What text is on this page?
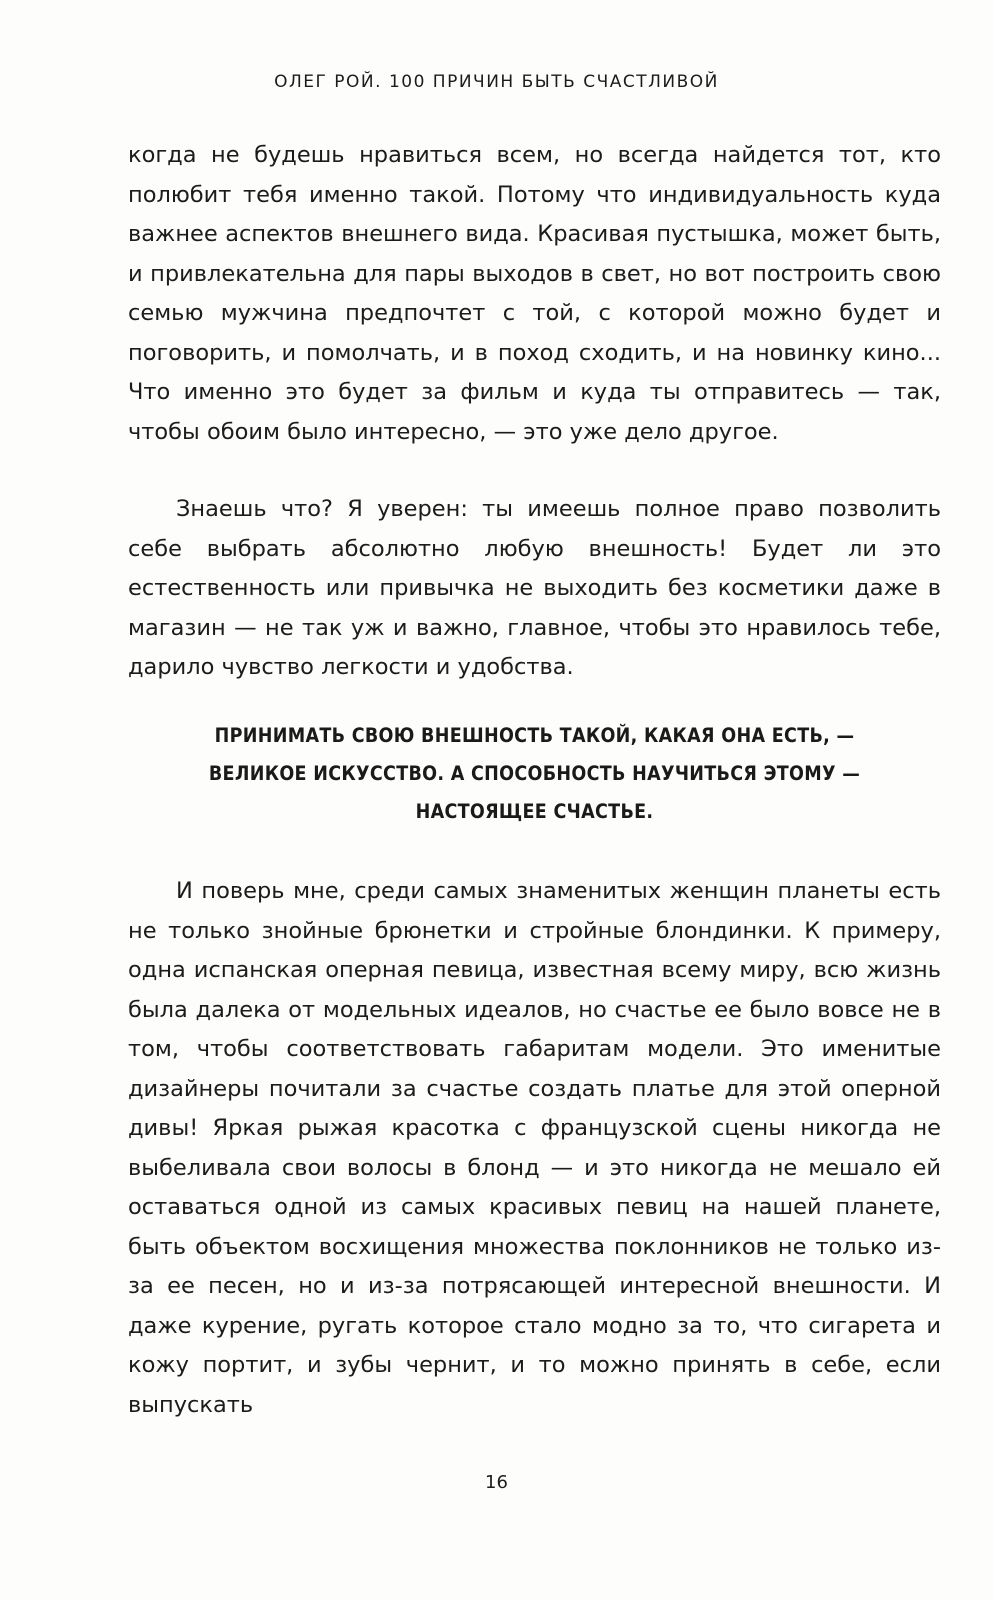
ОЛЕГ РОЙ. 100 ПРИЧИН БЫТЬ СЧАСТЛИВОЙ

когда не будешь нравиться всем, но всегда найдется тот, кто полюбит тебя именно такой. Потому что индивидуальность куда важнее аспектов внешнего вида. Красивая пустышка, может быть, и привлекательна для пары выходов в свет, но вот построить свою семью мужчина предпочтет с той, с которой можно будет и поговорить, и помолчать, и в поход сходить, и на новинку кино... Что именно это будет за фильм и куда ты отправитесь — так, чтобы обоим было интересно, — это уже дело другое.

Знаешь что? Я уверен: ты имеешь полное право позволить себе выбрать абсолютно любую внешность! Будет ли это естественность или привычка не выходить без косметики даже в магазин — не так уж и важно, главное, чтобы это нравилось тебе, дарило чувство легкости и удобства.

ПРИНИМАТЬ СВОЮ ВНЕШНОСТЬ ТАКОЙ, КАКАЯ ОНА ЕСТЬ, —
ВЕЛИКОЕ ИСКУССТВО. А СПОСОБНОСТЬ НАУЧИТЬСЯ ЭТОМУ —
НАСТОЯЩЕЕ СЧАСТЬЕ.

И поверь мне, среди самых знаменитых женщин планеты есть не только знойные брюнетки и стройные блондинки. К примеру, одна испанская оперная певица, известная всему миру, всю жизнь была далека от модельных идеалов, но счастье ее было вовсе не в том, чтобы соответствовать габаритам модели. Это именитые дизайнеры почитали за счастье создать платье для этой оперной дивы! Яркая рыжая красотка с французской сцены никогда не выбеливала свои волосы в блонд — и это никогда не мешало ей оставаться одной из самых красивых певиц на нашей планете, быть объектом восхищения множества поклонников не только из-за ее песен, но и из-за потрясающей интересной внешности. И даже курение, ругать которое стало модно за то, что сигарета и кожу портит, и зубы чернит, и то можно принять в себе, если выпускать

16
